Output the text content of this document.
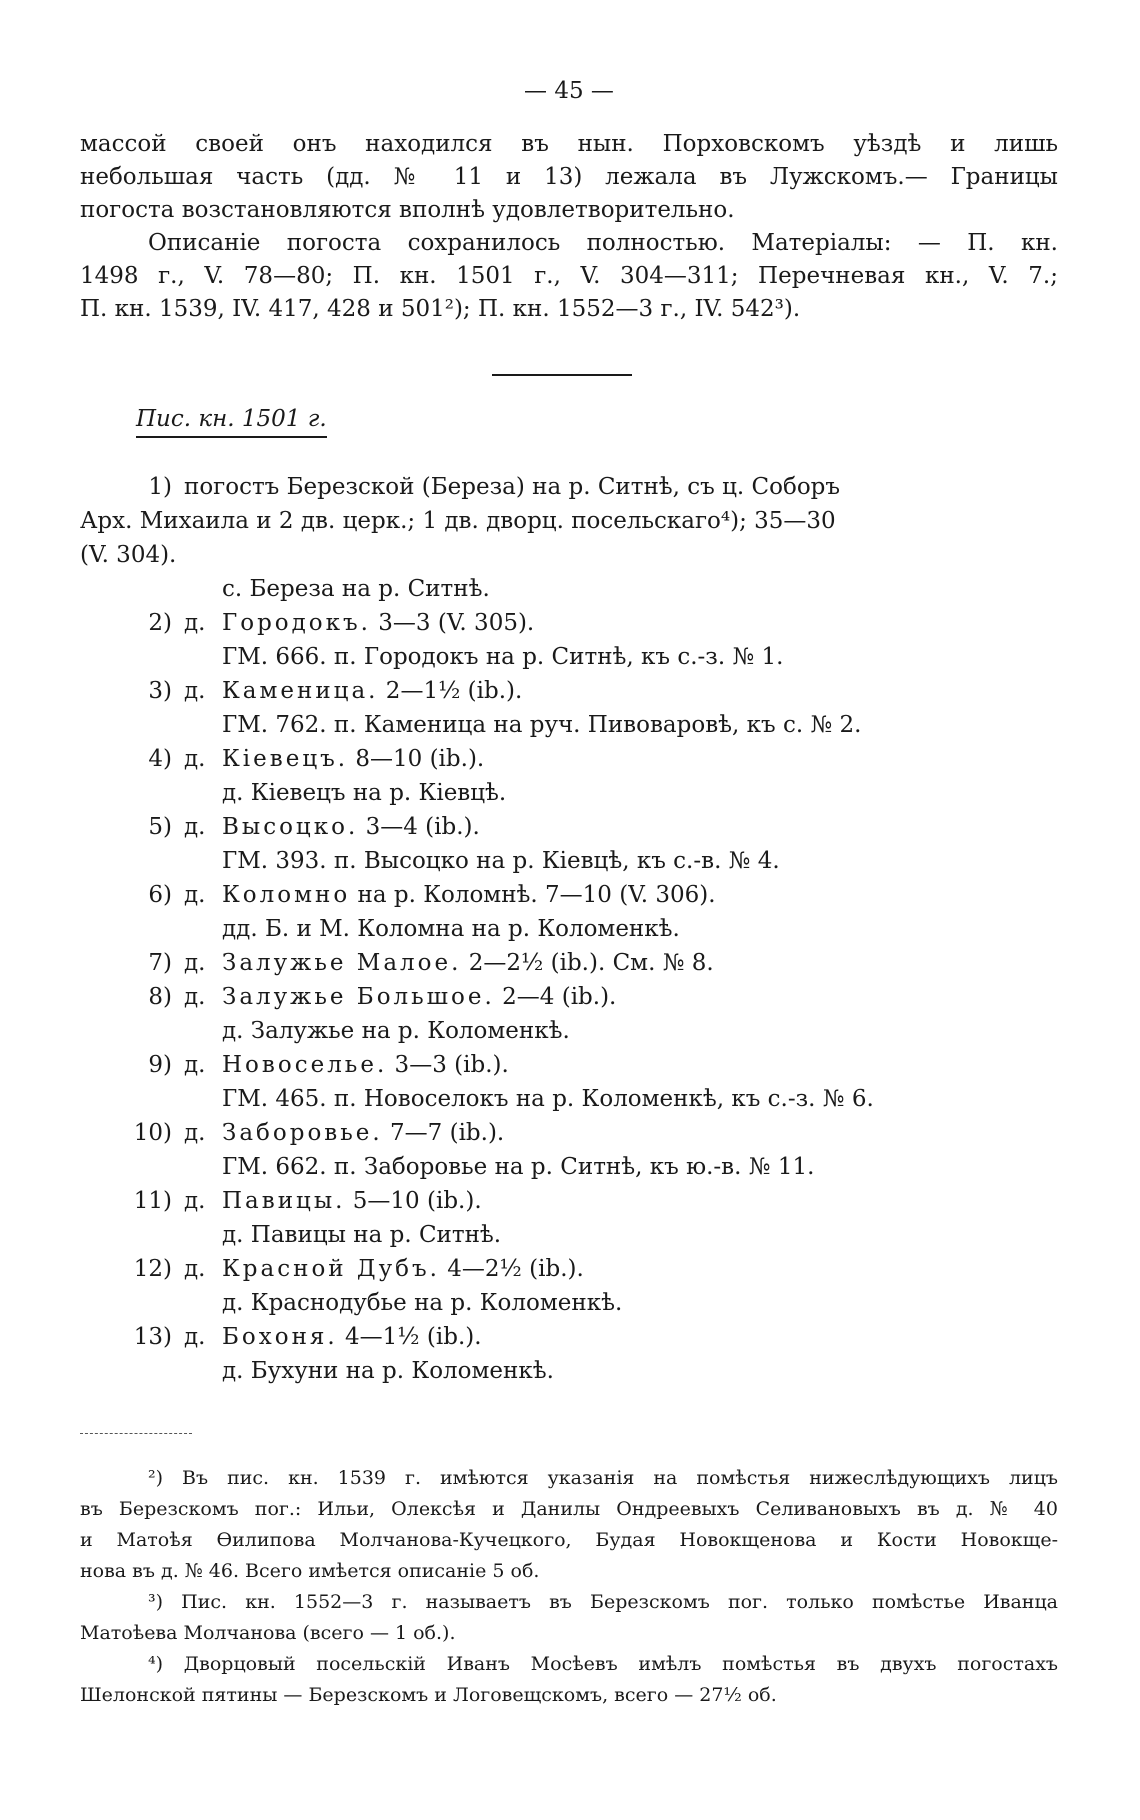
— 45 —

массой своей онъ находился въ нын. Порховскомъ уѣздѣ и лишь

небольшая часть (дд. № 11 и 13) лежала въ Лужскомъ.— Границы

погоста возстановляются вполнѣ удовлетворительно.

Описаніе погоста сохранилось полностью. Матеріалы: — П. кн.

1498 г., V. 78—80; П. кн. 1501 г., V. 304—311; Перечневая кн., V. 7.;

П. кн. 1539, IV. 417, 428 и 501²); П. кн. 1552—3 г., IV. 542³).

Пис. кн. 1501 г.
1) погостъ Березской (Береза) на р. Ситнѣ, съ ц. Соборъ
Арх. Михаила и 2 дв. церк.; 1 дв. дворц. посельскаго⁴); 35—30
(V. 304).
с. Береза на р. Ситнѣ.
2) д. Городокъ. 3—3 (V. 305).
ГМ. 666. п. Городокъ на р. Ситнѣ, къ с.-з. № 1.
3) д. Каменица. 2—1½ (ib.).
ГМ. 762. п. Каменица на руч. Пивоваровѣ, къ с. № 2.
4) д. Кіевецъ. 8—10 (ib.).
д. Кіевецъ на р. Кіевцѣ.
5) д. Высоцко. 3—4 (ib.).
ГМ. 393. п. Высоцко на р. Кіевцѣ, къ с.-в. № 4.
6) д. Коломно на р. Коломнѣ. 7—10 (V. 306).
дд. Б. и М. Коломна на р. Коломенкѣ.
7) д. Залужье Малое. 2—2½ (ib.). См. № 8.
8) д. Залужье Большое. 2—4 (ib.).
д. Залужье на р. Коломенкѣ.
9) д. Новоселье. 3—3 (ib.).
ГМ. 465. п. Новоселокъ на р. Коломенкѣ, къ с.-з. № 6.
10) д. Заборовье. 7—7 (ib.).
ГМ. 662. п. Заборовье на р. Ситнѣ, къ ю.-в. № 11.
11) д. Павицы. 5—10 (ib.).
д. Павицы на р. Ситнѣ.
12) д. Красной Дубъ. 4—2½ (ib.).
д. Краснодубье на р. Коломенкѣ.
13) д. Бохоня. 4—1½ (ib.).
д. Бухуни на р. Коломенкѣ.

²) Въ пис. кн. 1539 г. имѣются указанія на помѣстья нижеслѣдующихъ лицъ

въ Березскомъ пог.: Ильи, Олексѣя и Данилы Ондреевыхъ Селивановыхъ въ д. № 40

и Матоѣя Ѳилипова Молчанова-Кучецкого, Будая Новокщенова и Кости Новокще-

нова въ д. № 46. Всего имѣется описаніе 5 об.

³) Пис. кн. 1552—3 г. называетъ въ Березскомъ пог. только помѣстье Иванца

Матоѣева Молчанова (всего — 1 об.).

⁴) Дворцовый посельскій Иванъ Мосѣевъ имѣлъ помѣстья въ двухъ погостахъ

Шелонской пятины — Березскомъ и Логовещскомъ, всего — 27½ об.
